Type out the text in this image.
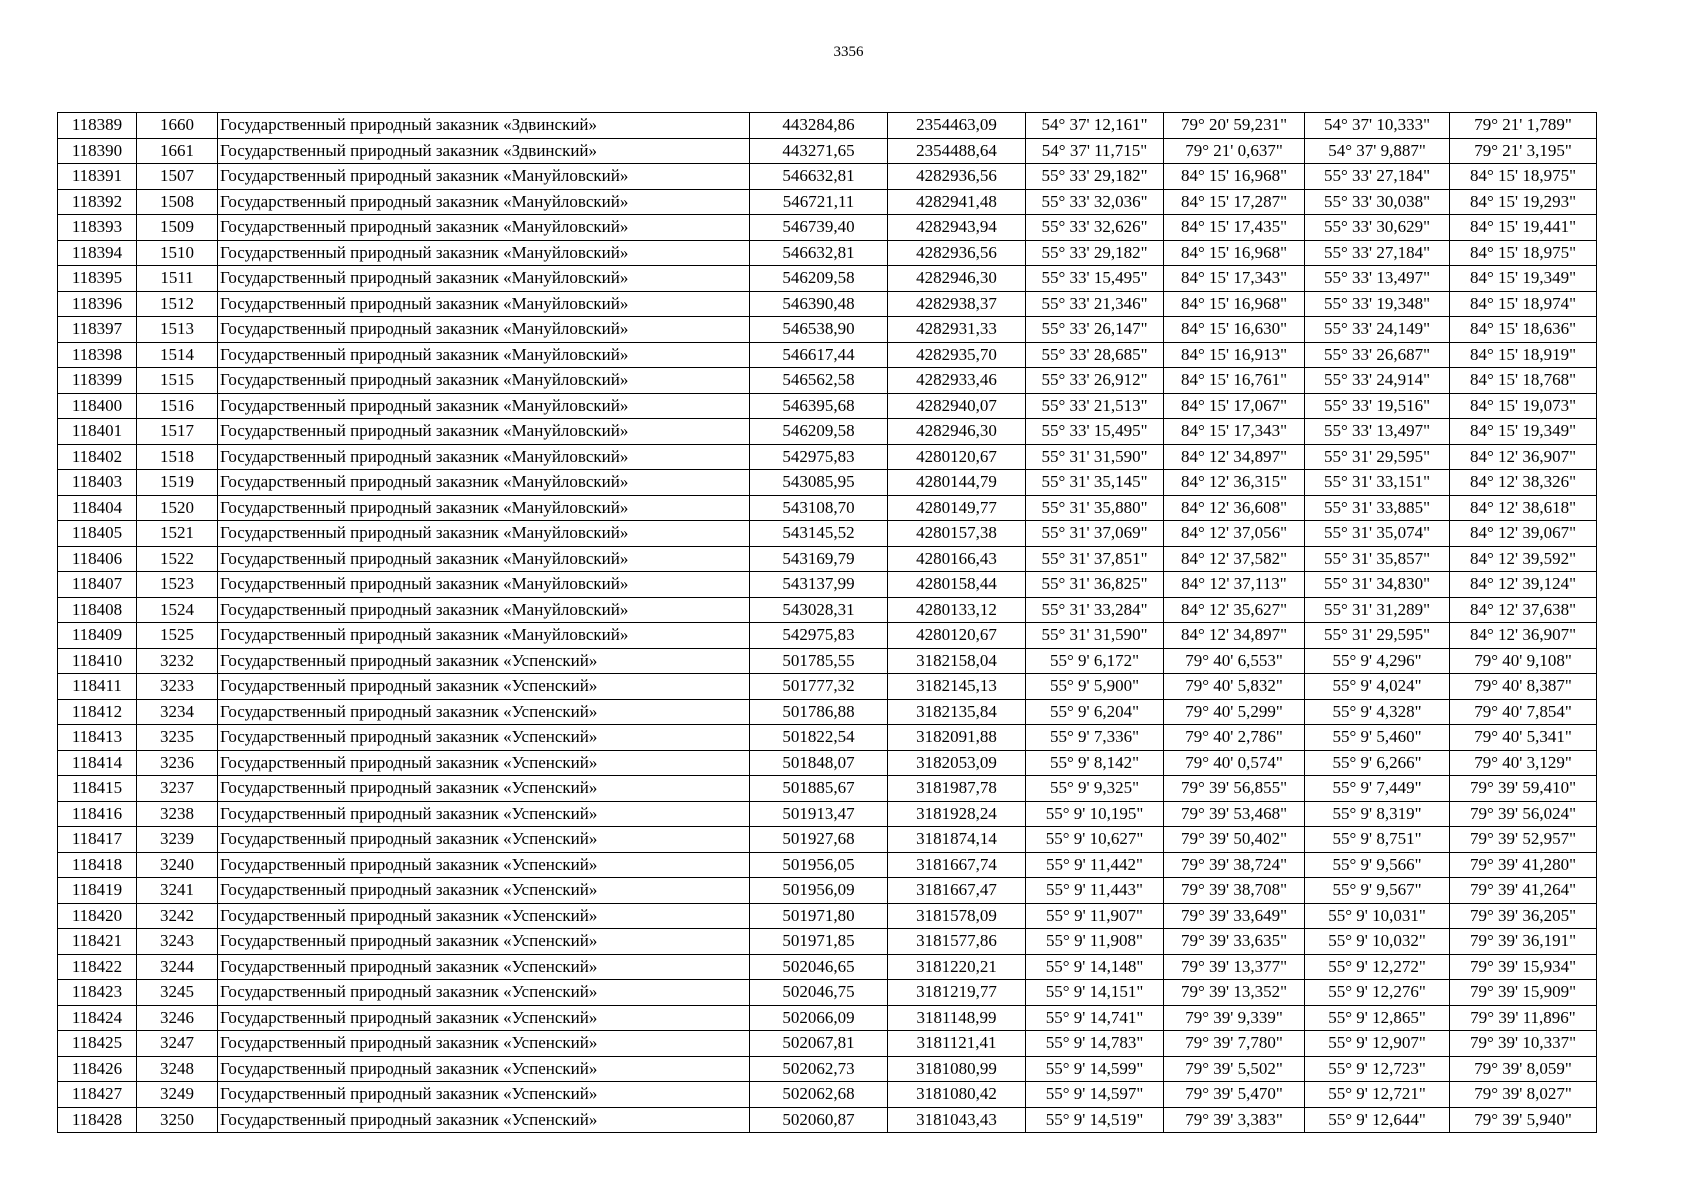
3356
118389	1660	Государственный природный заказник «Здвинский»	443284,86	2354463,09	54° 37' 12,161"	79° 20' 59,231"	54° 37' 10,333"	79° 21' 1,789"
118390	1661	Государственный природный заказник «Здвинский»	443271,65	2354488,64	54° 37' 11,715"	79° 21' 0,637"	54° 37' 9,887"	79° 21' 3,195"
118391	1507	Государственный природный заказник «Мануйловский»	546632,81	4282936,56	55° 33' 29,182"	84° 15' 16,968"	55° 33' 27,184"	84° 15' 18,975"
118392	1508	Государственный природный заказник «Мануйловский»	546721,11	4282941,48	55° 33' 32,036"	84° 15' 17,287"	55° 33' 30,038"	84° 15' 19,293"
118393	1509	Государственный природный заказник «Мануйловский»	546739,40	4282943,94	55° 33' 32,626"	84° 15' 17,435"	55° 33' 30,629"	84° 15' 19,441"
118394	1510	Государственный природный заказник «Мануйловский»	546632,81	4282936,56	55° 33' 29,182"	84° 15' 16,968"	55° 33' 27,184"	84° 15' 18,975"
118395	1511	Государственный природный заказник «Мануйловский»	546209,58	4282946,30	55° 33' 15,495"	84° 15' 17,343"	55° 33' 13,497"	84° 15' 19,349"
118396	1512	Государственный природный заказник «Мануйловский»	546390,48	4282938,37	55° 33' 21,346"	84° 15' 16,968"	55° 33' 19,348"	84° 15' 18,974"
118397	1513	Государственный природный заказник «Мануйловский»	546538,90	4282931,33	55° 33' 26,147"	84° 15' 16,630"	55° 33' 24,149"	84° 15' 18,636"
118398	1514	Государственный природный заказник «Мануйловский»	546617,44	4282935,70	55° 33' 28,685"	84° 15' 16,913"	55° 33' 26,687"	84° 15' 18,919"
118399	1515	Государственный природный заказник «Мануйловский»	546562,58	4282933,46	55° 33' 26,912"	84° 15' 16,761"	55° 33' 24,914"	84° 15' 18,768"
118400	1516	Государственный природный заказник «Мануйловский»	546395,68	4282940,07	55° 33' 21,513"	84° 15' 17,067"	55° 33' 19,516"	84° 15' 19,073"
118401	1517	Государственный природный заказник «Мануйловский»	546209,58	4282946,30	55° 33' 15,495"	84° 15' 17,343"	55° 33' 13,497"	84° 15' 19,349"
118402	1518	Государственный природный заказник «Мануйловский»	542975,83	4280120,67	55° 31' 31,590"	84° 12' 34,897"	55° 31' 29,595"	84° 12' 36,907"
118403	1519	Государственный природный заказник «Мануйловский»	543085,95	4280144,79	55° 31' 35,145"	84° 12' 36,315"	55° 31' 33,151"	84° 12' 38,326"
118404	1520	Государственный природный заказник «Мануйловский»	543108,70	4280149,77	55° 31' 35,880"	84° 12' 36,608"	55° 31' 33,885"	84° 12' 38,618"
118405	1521	Государственный природный заказник «Мануйловский»	543145,52	4280157,38	55° 31' 37,069"	84° 12' 37,056"	55° 31' 35,074"	84° 12' 39,067"
118406	1522	Государственный природный заказник «Мануйловский»	543169,79	4280166,43	55° 31' 37,851"	84° 12' 37,582"	55° 31' 35,857"	84° 12' 39,592"
118407	1523	Государственный природный заказник «Мануйловский»	543137,99	4280158,44	55° 31' 36,825"	84° 12' 37,113"	55° 31' 34,830"	84° 12' 39,124"
118408	1524	Государственный природный заказник «Мануйловский»	543028,31	4280133,12	55° 31' 33,284"	84° 12' 35,627"	55° 31' 31,289"	84° 12' 37,638"
118409	1525	Государственный природный заказник «Мануйловский»	542975,83	4280120,67	55° 31' 31,590"	84° 12' 34,897"	55° 31' 29,595"	84° 12' 36,907"
118410	3232	Государственный природный заказник «Успенский»	501785,55	3182158,04	55° 9' 6,172"	79° 40' 6,553"	55° 9' 4,296"	79° 40' 9,108"
118411	3233	Государственный природный заказник «Успенский»	501777,32	3182145,13	55° 9' 5,900"	79° 40' 5,832"	55° 9' 4,024"	79° 40' 8,387"
118412	3234	Государственный природный заказник «Успенский»	501786,88	3182135,84	55° 9' 6,204"	79° 40' 5,299"	55° 9' 4,328"	79° 40' 7,854"
118413	3235	Государственный природный заказник «Успенский»	501822,54	3182091,88	55° 9' 7,336"	79° 40' 2,786"	55° 9' 5,460"	79° 40' 5,341"
118414	3236	Государственный природный заказник «Успенский»	501848,07	3182053,09	55° 9' 8,142"	79° 40' 0,574"	55° 9' 6,266"	79° 40' 3,129"
118415	3237	Государственный природный заказник «Успенский»	501885,67	3181987,78	55° 9' 9,325"	79° 39' 56,855"	55° 9' 7,449"	79° 39' 59,410"
118416	3238	Государственный природный заказник «Успенский»	501913,47	3181928,24	55° 9' 10,195"	79° 39' 53,468"	55° 9' 8,319"	79° 39' 56,024"
118417	3239	Государственный природный заказник «Успенский»	501927,68	3181874,14	55° 9' 10,627"	79° 39' 50,402"	55° 9' 8,751"	79° 39' 52,957"
118418	3240	Государственный природный заказник «Успенский»	501956,05	3181667,74	55° 9' 11,442"	79° 39' 38,724"	55° 9' 9,566"	79° 39' 41,280"
118419	3241	Государственный природный заказник «Успенский»	501956,09	3181667,47	55° 9' 11,443"	79° 39' 38,708"	55° 9' 9,567"	79° 39' 41,264"
118420	3242	Государственный природный заказник «Успенский»	501971,80	3181578,09	55° 9' 11,907"	79° 39' 33,649"	55° 9' 10,031"	79° 39' 36,205"
118421	3243	Государственный природный заказник «Успенский»	501971,85	3181577,86	55° 9' 11,908"	79° 39' 33,635"	55° 9' 10,032"	79° 39' 36,191"
118422	3244	Государственный природный заказник «Успенский»	502046,65	3181220,21	55° 9' 14,148"	79° 39' 13,377"	55° 9' 12,272"	79° 39' 15,934"
118423	3245	Государственный природный заказник «Успенский»	502046,75	3181219,77	55° 9' 14,151"	79° 39' 13,352"	55° 9' 12,276"	79° 39' 15,909"
118424	3246	Государственный природный заказник «Успенский»	502066,09	3181148,99	55° 9' 14,741"	79° 39' 9,339"	55° 9' 12,865"	79° 39' 11,896"
118425	3247	Государственный природный заказник «Успенский»	502067,81	3181121,41	55° 9' 14,783"	79° 39' 7,780"	55° 9' 12,907"	79° 39' 10,337"
118426	3248	Государственный природный заказник «Успенский»	502062,73	3181080,99	55° 9' 14,599"	79° 39' 5,502"	55° 9' 12,723"	79° 39' 8,059"
118427	3249	Государственный природный заказник «Успенский»	502062,68	3181080,42	55° 9' 14,597"	79° 39' 5,470"	55° 9' 12,721"	79° 39' 8,027"
118428	3250	Государственный природный заказник «Успенский»	502060,87	3181043,43	55° 9' 14,519"	79° 39' 3,383"	55° 9' 12,644"	79° 39' 5,940"
